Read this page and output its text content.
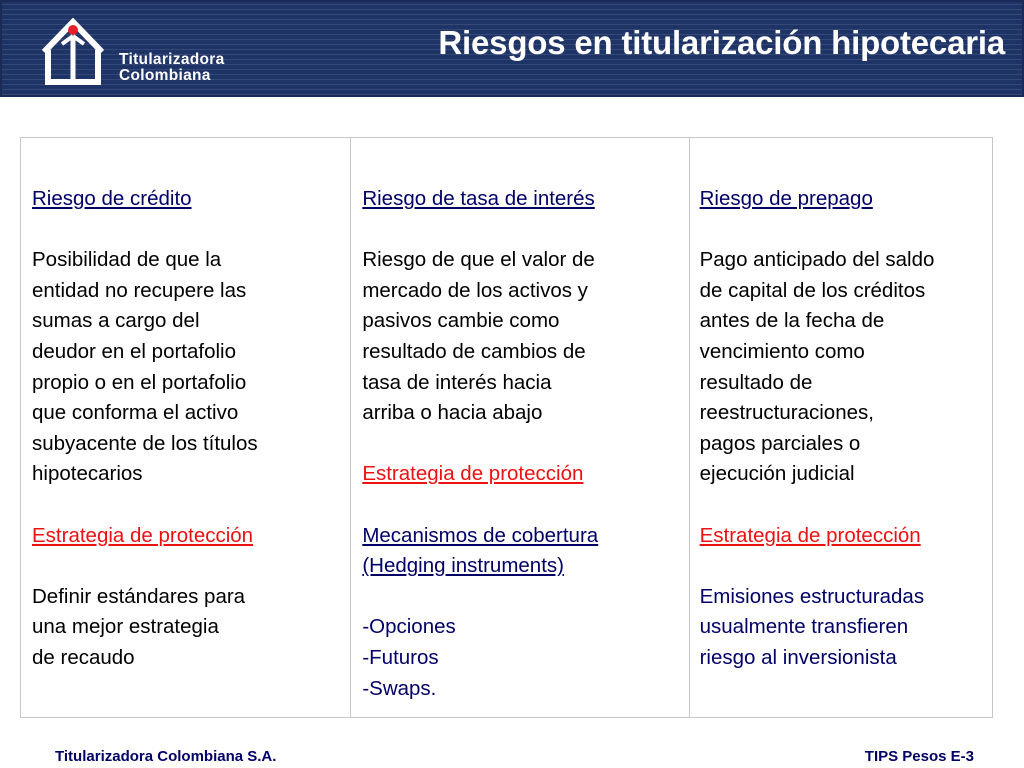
Titularizadora
Colombiana
Riesgos en titularización hipotecaria
Riesgo de crédito
Posibilidad de que la
entidad no recupere las
sumas a cargo del
deudor en el portafolio
propio o en el portafolio
que conforma el activo
subyacente de los títulos
hipotecarios
Estrategia de protección
Definir estándares para
una mejor estrategia
de recaudo
Riesgo de tasa de interés
Riesgo de que el valor de
mercado de los activos y
pasivos cambie como
resultado de cambios de
tasa de interés hacia
arriba o hacia abajo
Estrategia de protección
Mecanismos de cobertura
(Hedging instruments)
-Opciones
-Futuros
-Swaps.
Riesgo de prepago
Pago anticipado del saldo
de capital de los créditos
antes de la fecha de
vencimiento como
resultado de
reestructuraciones,
pagos parciales o
ejecución judicial
Estrategia de protección
Emisiones estructuradas
usualmente transfieren
riesgo al inversionista
Titularizadora Colombiana S.A.	TIPS Pesos E-3
